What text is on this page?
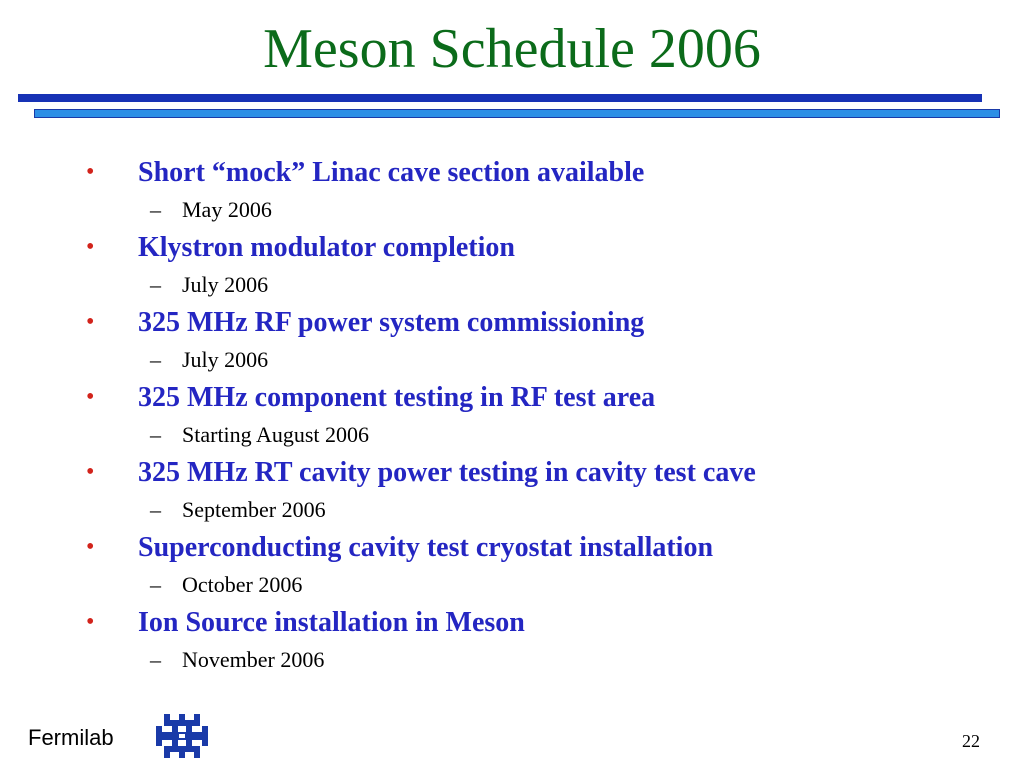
Meson Schedule 2006
• Short “mock” Linac cave section available
– May 2006
• Klystron modulator completion
– July 2006
• 325 MHz RF power system commissioning
– July 2006
• 325 MHz component testing in RF test area
– Starting August 2006
• 325 MHz RT cavity power testing in cavity test cave
– September 2006
• Superconducting cavity test cryostat installation
– October 2006
• Ion Source installation in Meson
– November 2006
Fermilab	22
